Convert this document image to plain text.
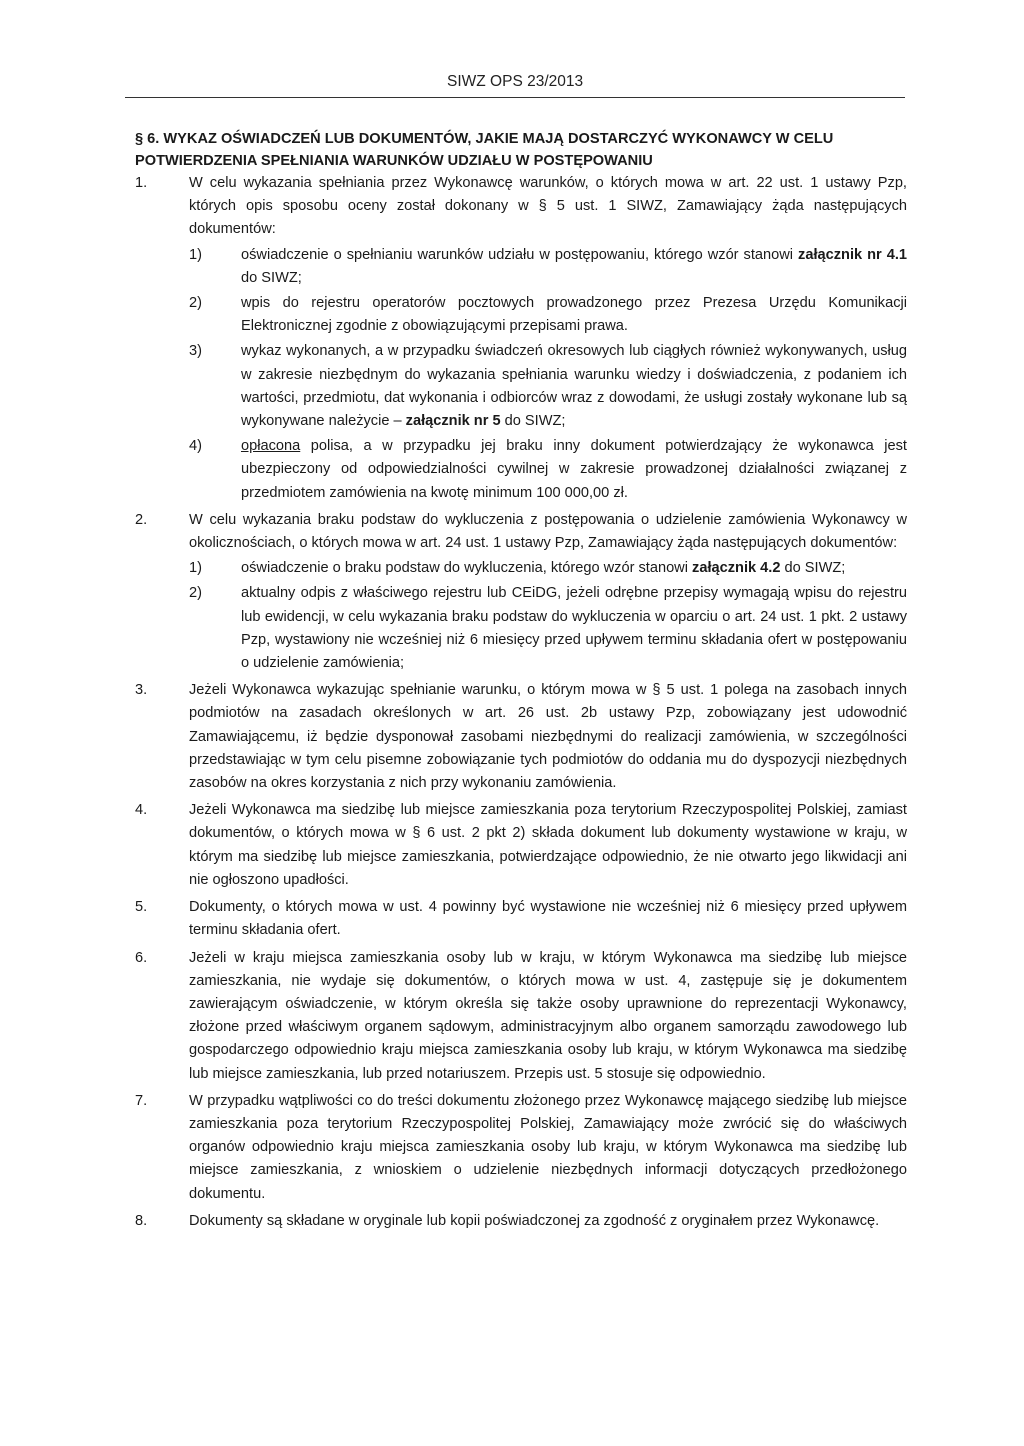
SIWZ OPS 23/2013
§ 6. WYKAZ OŚWIADCZEŃ LUB DOKUMENTÓW, JAKIE MAJĄ DOSTARCZYĆ WYKONAWCY W CELU POTWIERDZENIA SPEŁNIANIA WARUNKÓW UDZIAŁU W POSTĘPOWANIU
1.	W celu wykazania spełniania przez Wykonawcę warunków, o których mowa w art. 22 ust. 1 ustawy Pzp, których opis sposobu oceny został dokonany w § 5 ust. 1 SIWZ, Zamawiający żąda następujących dokumentów:
1)	oświadczenie o spełnianiu warunków udziału w postępowaniu, którego wzór stanowi załącznik nr 4.1 do SIWZ;
2)	wpis do rejestru operatorów pocztowych prowadzonego przez Prezesa Urzędu Komunikacji Elektronicznej zgodnie z obowiązującymi przepisami prawa.
3)	wykaz wykonanych, a w przypadku świadczeń okresowych lub ciągłych również wykonywanych, usług w zakresie niezbędnym do wykazania spełniania warunku wiedzy i doświadczenia, z podaniem ich wartości, przedmiotu, dat wykonania i odbiorców wraz z dowodami, że usługi zostały wykonane lub są wykonywane należycie – załącznik nr 5 do SIWZ;
4)	opłacona polisa, a w przypadku jej braku inny dokument potwierdzający że wykonawca jest ubezpieczony od odpowiedzialności cywilnej w zakresie prowadzonej działalności związanej z przedmiotem zamówienia na kwotę minimum 100 000,00 zł.
2.	W celu wykazania braku podstaw do wykluczenia z postępowania o udzielenie zamówienia Wykonawcy w okolicznościach, o których mowa w art. 24 ust. 1 ustawy Pzp, Zamawiający żąda następujących dokumentów:
1)	oświadczenie o braku podstaw do wykluczenia, którego wzór stanowi załącznik 4.2 do SIWZ;
2)	aktualny odpis z właściwego rejestru lub CEiDG, jeżeli odrębne przepisy wymagają wpisu do rejestru lub ewidencji, w celu wykazania braku podstaw do wykluczenia w oparciu o art. 24 ust. 1 pkt. 2 ustawy Pzp, wystawiony nie wcześniej niż 6 miesięcy przed upływem terminu składania ofert w postępowaniu o udzielenie zamówienia;
3.	Jeżeli Wykonawca wykazując spełnianie warunku, o którym mowa w § 5 ust. 1 polega na zasobach innych podmiotów na zasadach określonych w art. 26 ust. 2b ustawy Pzp, zobowiązany jest udowodnić Zamawiającemu, iż będzie dysponował zasobami niezbędnymi do realizacji zamówienia, w szczególności przedstawiając w tym celu pisemne zobowiązanie tych podmiotów do oddania mu do dyspozycji niezbędnych zasobów na okres korzystania z nich przy wykonaniu zamówienia.
4.	Jeżeli Wykonawca ma siedzibę lub miejsce zamieszkania poza terytorium Rzeczypospolitej Polskiej, zamiast dokumentów, o których mowa w § 6 ust. 2 pkt 2) składa dokument lub dokumenty wystawione w kraju, w którym ma siedzibę lub miejsce zamieszkania, potwierdzające odpowiednio, że nie otwarto jego likwidacji ani nie ogłoszono upadłości.
5.	Dokumenty, o których mowa w ust. 4 powinny być wystawione nie wcześniej niż 6 miesięcy przed upływem terminu składania ofert.
6.	Jeżeli w kraju miejsca zamieszkania osoby lub w kraju, w którym Wykonawca ma siedzibę lub miejsce zamieszkania, nie wydaje się dokumentów, o których mowa w ust. 4, zastępuje się je dokumentem zawierającym oświadczenie, w którym określa się także osoby uprawnione do reprezentacji Wykonawcy, złożone przed właściwym organem sądowym, administracyjnym albo organem samorządu zawodowego lub gospodarczego odpowiednio kraju miejsca zamieszkania osoby lub kraju, w którym Wykonawca ma siedzibę lub miejsce zamieszkania, lub przed notariuszem. Przepis ust. 5 stosuje się odpowiednio.
7.	W przypadku wątpliwości co do treści dokumentu złożonego przez Wykonawcę mającego siedzibę lub miejsce zamieszkania poza terytorium Rzeczypospolitej Polskiej, Zamawiający może zwrócić się do właściwych organów odpowiednio kraju miejsca zamieszkania osoby lub kraju, w którym Wykonawca ma siedzibę lub miejsce zamieszkania, z wnioskiem o udzielenie niezbędnych informacji dotyczących przedłożonego dokumentu.
8.	Dokumenty są składane w oryginale lub kopii poświadczonej za zgodność z oryginałem przez Wykonawcę.
